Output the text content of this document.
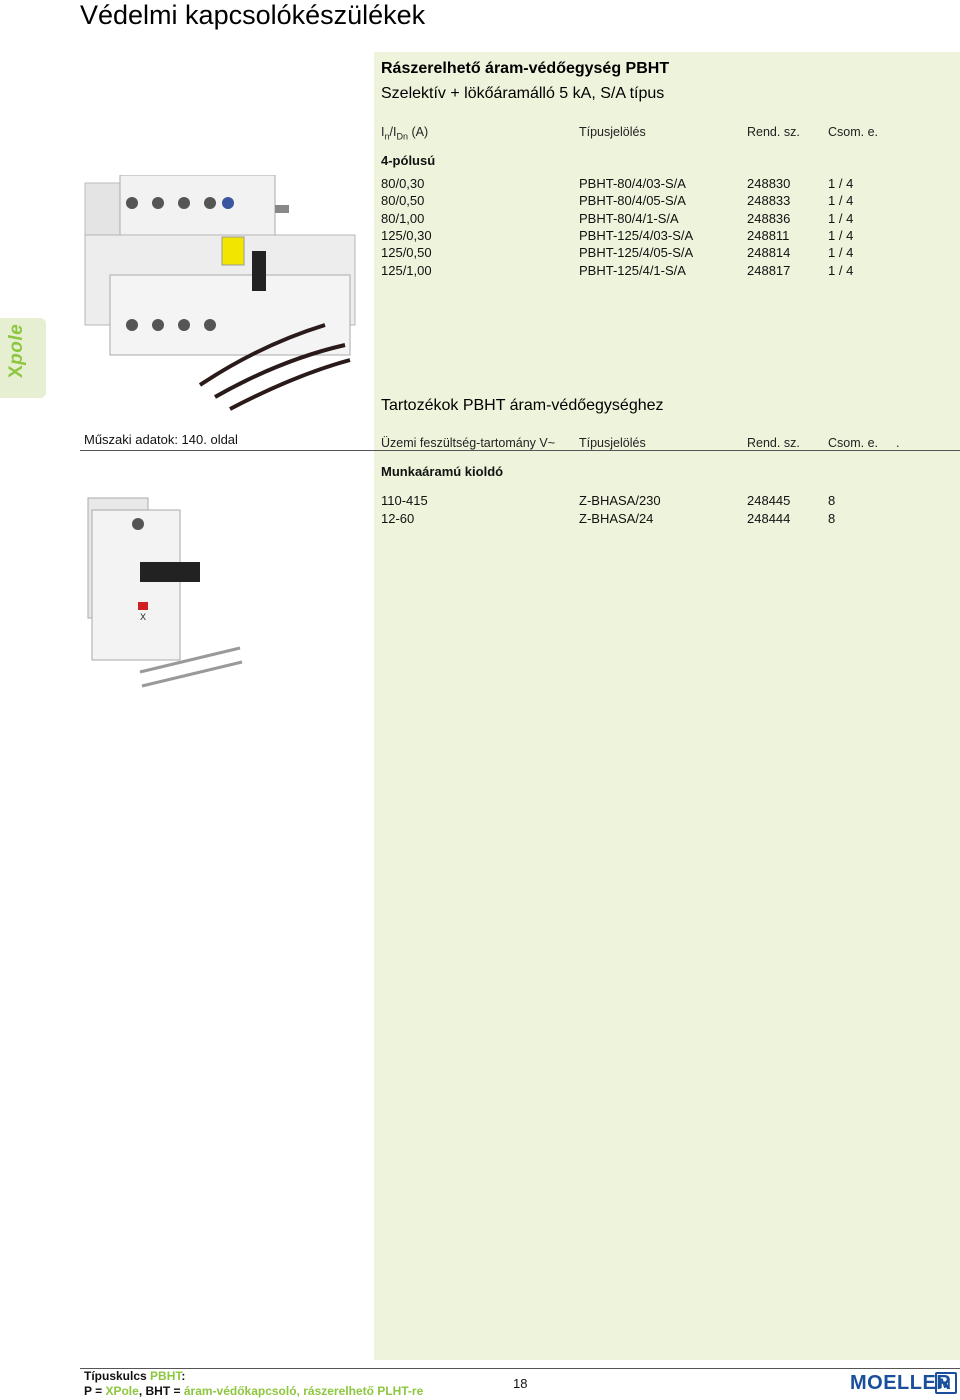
Védelmi kapcsolókészülékek
Xpole
Rászerelhető áram-védőegység PBHT
Szelektív + lökőáramálló 5 kA, S/A típus
$I_n/I_{Dn}$ (A)	Típusjelölés	Rend. sz. Csom. e.
4-pólusú
80/0,30	PBHT-80/4/03-S/A	248830	1 / 4
80/0,50	PBHT-80/4/05-S/A	248833	1 / 4
80/1,00	PBHT-80/4/1-S/A	248836	1 / 4
125/0,30	PBHT-125/4/03-S/A	248811	1 / 4
125/0,50	PBHT-125/4/05-S/A	248814	1 / 4
125/1,00	PBHT-125/4/1-S/A	248817	1 / 4
Tartozékok PBHT áram-védőegységhez
Műszaki adatok: 140. oldal	Üzemi feszültség-tartomány V~ Típusjelölés	Rend. sz. Csom. e. .
Munkaáramú kioldó
110-415	Z-BHASA/230	248445	8
12-60	Z-BHASA/24	248444	8
X
Típuskulcs PBHT:
P = XPole, BHT = áram-védőkapcsoló, rászerelhető PLHT-re	18	MOELLER
M
